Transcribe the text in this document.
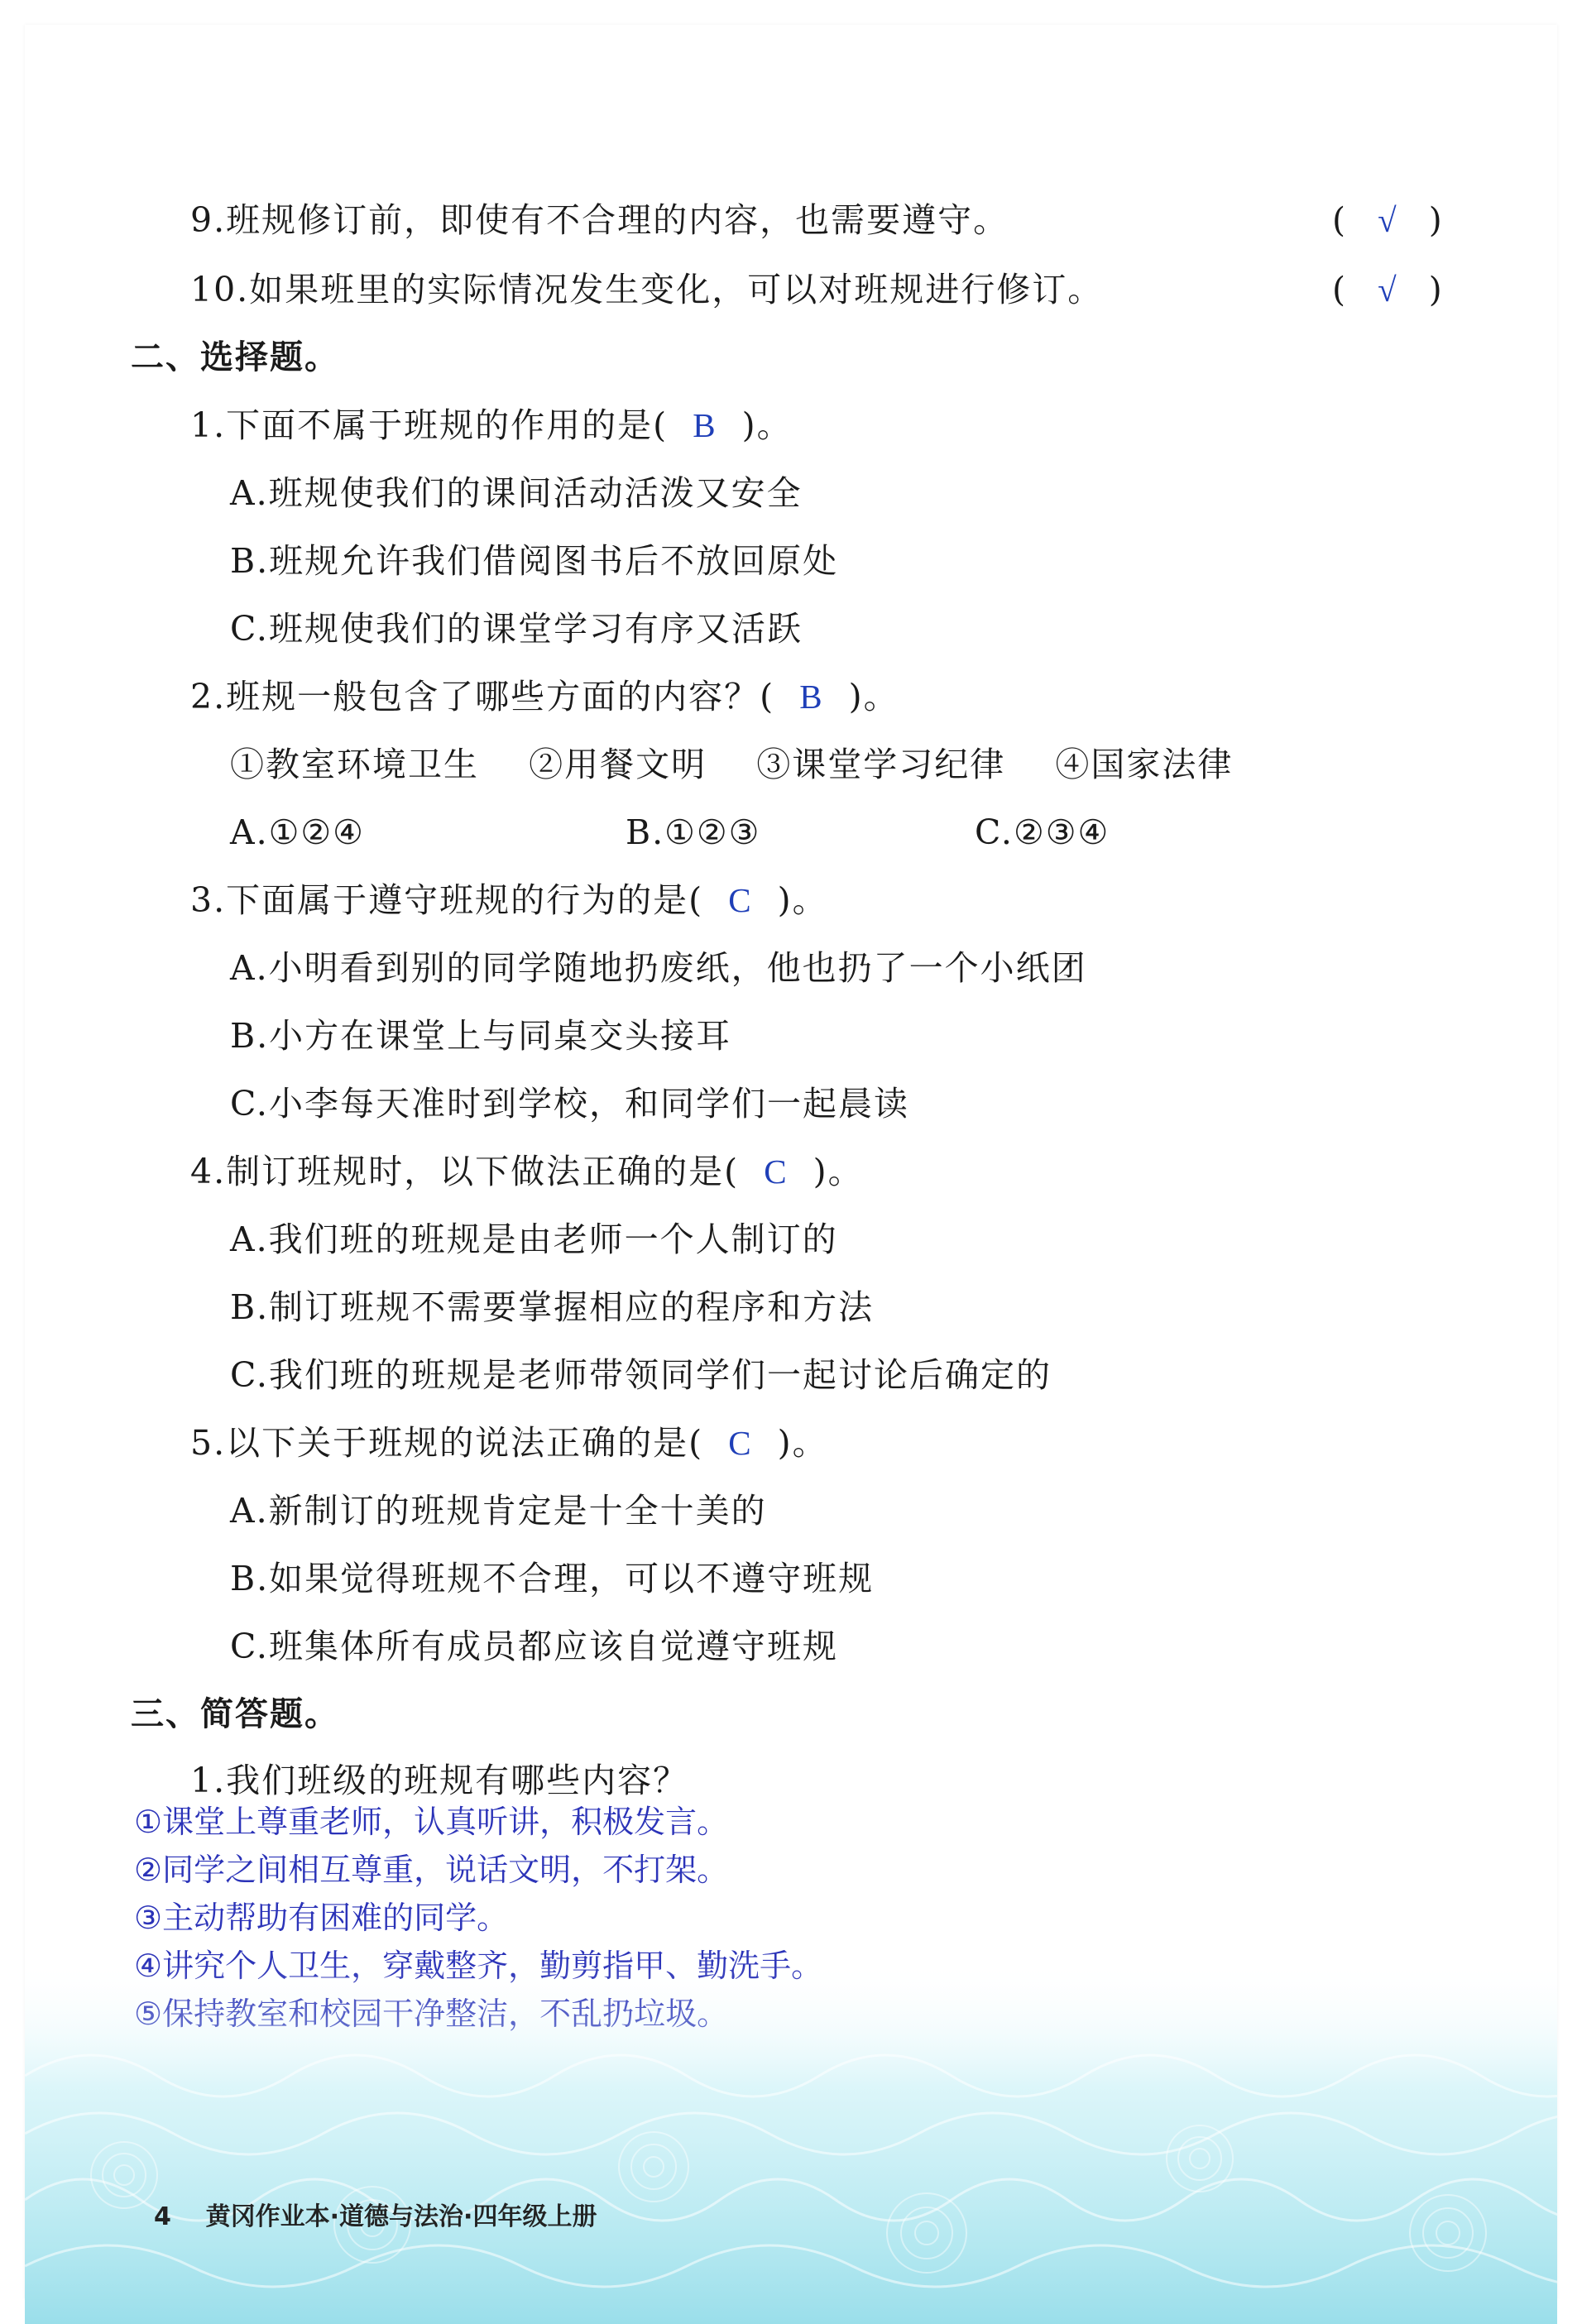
9.班规修订前，即使有不合理的内容，也需要遵守。	(   √   )
10.如果班里的实际情况发生变化，可以对班规进行修订。	(   √   )
二、选择题。
1.下面不属于班规的作用的是( B )。
A.班规使我们的课间活动活泼又安全
B.班规允许我们借阅图书后不放回原处
C.班规使我们的课堂学习有序又活跃
2.班规一般包含了哪些方面的内容？( B )。
①教室环境卫生 ②用餐文明 ③课堂学习纪律 ④国家法律
A.①②④	B.①②③	C.②③④
3.下面属于遵守班规的行为的是( C )。
A.小明看到别的同学随地扔废纸，他也扔了一个小纸团
B.小方在课堂上与同桌交头接耳
C.小李每天准时到学校，和同学们一起晨读
4.制订班规时，以下做法正确的是( C )。
A.我们班的班规是由老师一个人制订的
B.制订班规不需要掌握相应的程序和方法
C.我们班的班规是老师带领同学们一起讨论后确定的
5.以下关于班规的说法正确的是( C )。
A.新制订的班规肯定是十全十美的
B.如果觉得班规不合理，可以不遵守班规
C.班集体所有成员都应该自觉遵守班规
三、简答题。
1.我们班级的班规有哪些内容？
①课堂上尊重老师，认真听讲，积极发言。
②同学之间相互尊重，说话文明，不打架。
③主动帮助有困难的同学。
4 黄冈作业本·道德与法治·四年级上册
